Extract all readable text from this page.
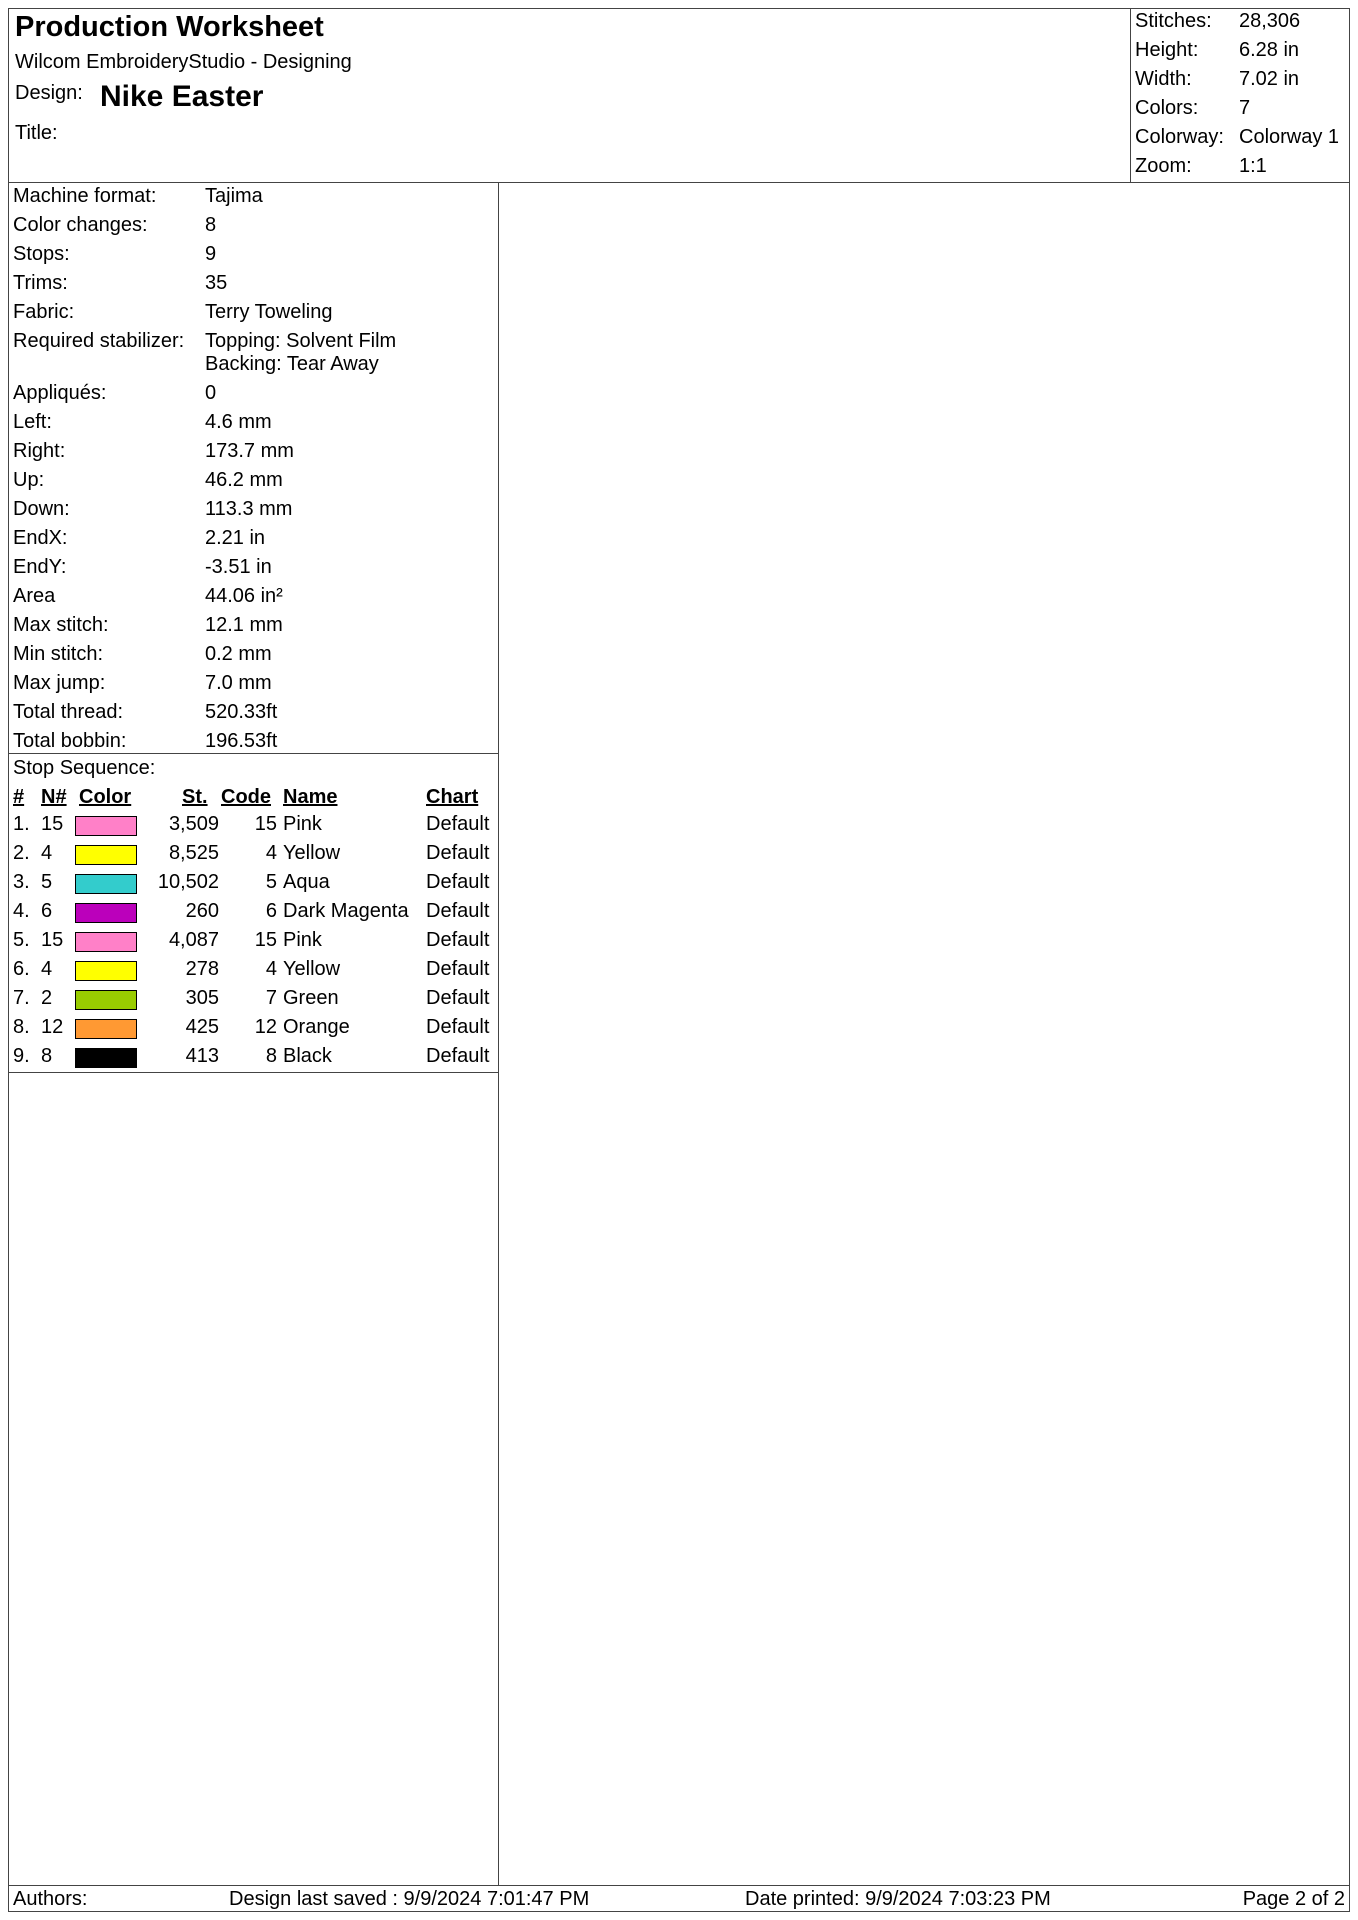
Production Worksheet
Wilcom EmbroideryStudio - Designing
Design: Nike Easter
Title:
Stitches: 28,306
Height: 6.28 in
Width: 7.02 in
Colors: 7
Colorway: Colorway 1
Zoom: 1:1
Machine format: Tajima
Color changes:	8
Stops:	9
Trims:	35
Fabric:	Terry Toweling
Required stabilizer: Topping: Solvent Film
Backing: Tear Away
Appliqués:	0
Left:	4.6 mm
Right:	173.7 mm
Up:	46.2 mm
Down:	113.3 mm
EndX:	2.21 in
EndY:	-3.51 in
Area	44.06 in²
Max stitch:	12.1 mm
Min stitch:	0.2 mm
Max jump:	7.0 mm
Total thread:	520.33ft
Total bobbin:	196.53ft
Stop Sequence:
# N# Color	St. Code Name	Chart
1. 15	3,509 15 Pink	Default
2. 4	8,525 4 Yellow	Default
3. 5	10,502 5 Aqua	Default
4. 6	260 6 Dark Magenta Default
5. 15	4,087 15 Pink	Default
6. 4	278 4 Yellow	Default
7. 2	305 7 Green	Default
8. 12	425 12 Orange	Default
9. 8	413 8 Black	Default
Authors:	Design last saved : 9/9/2024 7:01:47 PM	Date printed: 9/9/2024 7:03:23 PM	Page 2 of 2
